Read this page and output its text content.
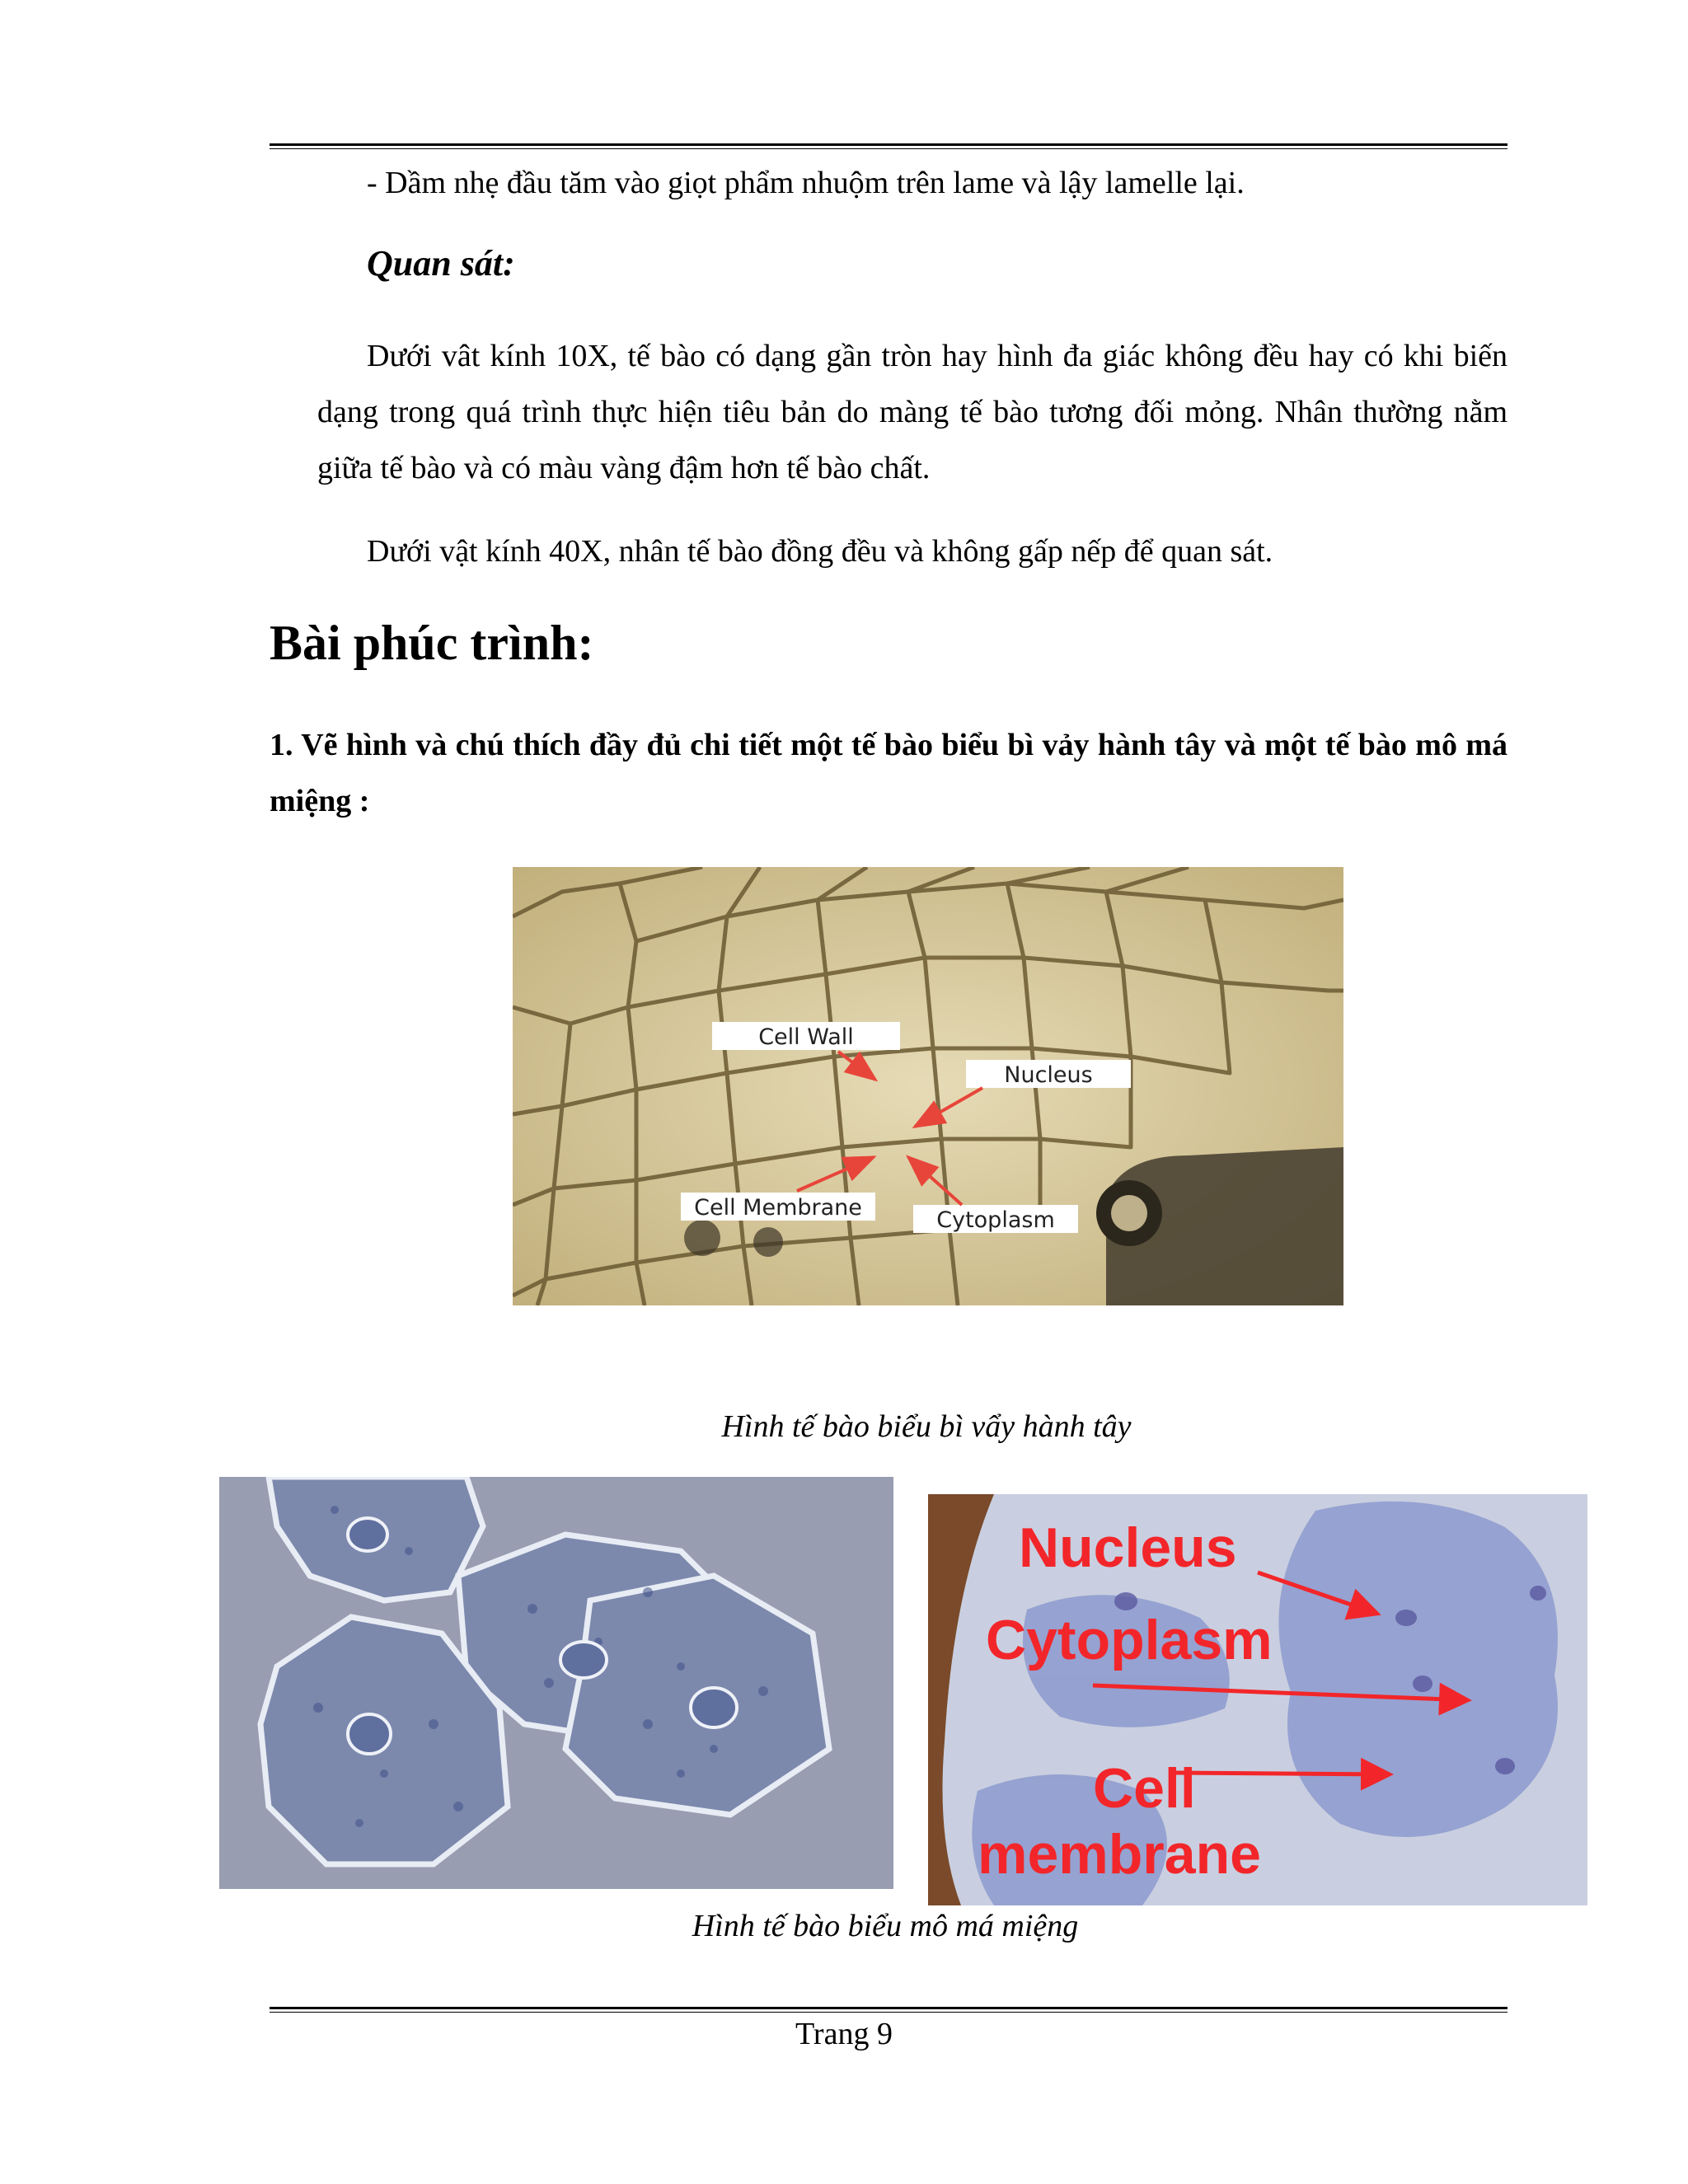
- Dầm nhẹ đầu tăm vào giọt phẩm nhuộm trên lame và lậy lamelle lại.

Quan sát:

Dưới vât kính 10X, tế bào có dạng gần tròn hay hình đa giác không đều hay có khi biến dạng trong quá trình thực hiện tiêu bản do màng tế bào tương đối mỏng. Nhân thường nằm giữa tế bào và có màu vàng đậm hơn tế bào chất.

Dưới vật kính 40X, nhân tế bào đồng đều và không gấp nếp để quan sát.

Bài phúc trình:

1. Vẽ hình và chú thích đầy đủ chi tiết một tế bào biểu bì vảy hành tây và một tế bào mô má miệng :

Cell Wall
Nucleus
Cell Membrane	Cytoplasm

Hình tế bào biểu bì vẩy hành tây

Nucleus
Cytoplasm
Cell
membrane

Hình tế bào biểu mô má miệng

Trang 9
